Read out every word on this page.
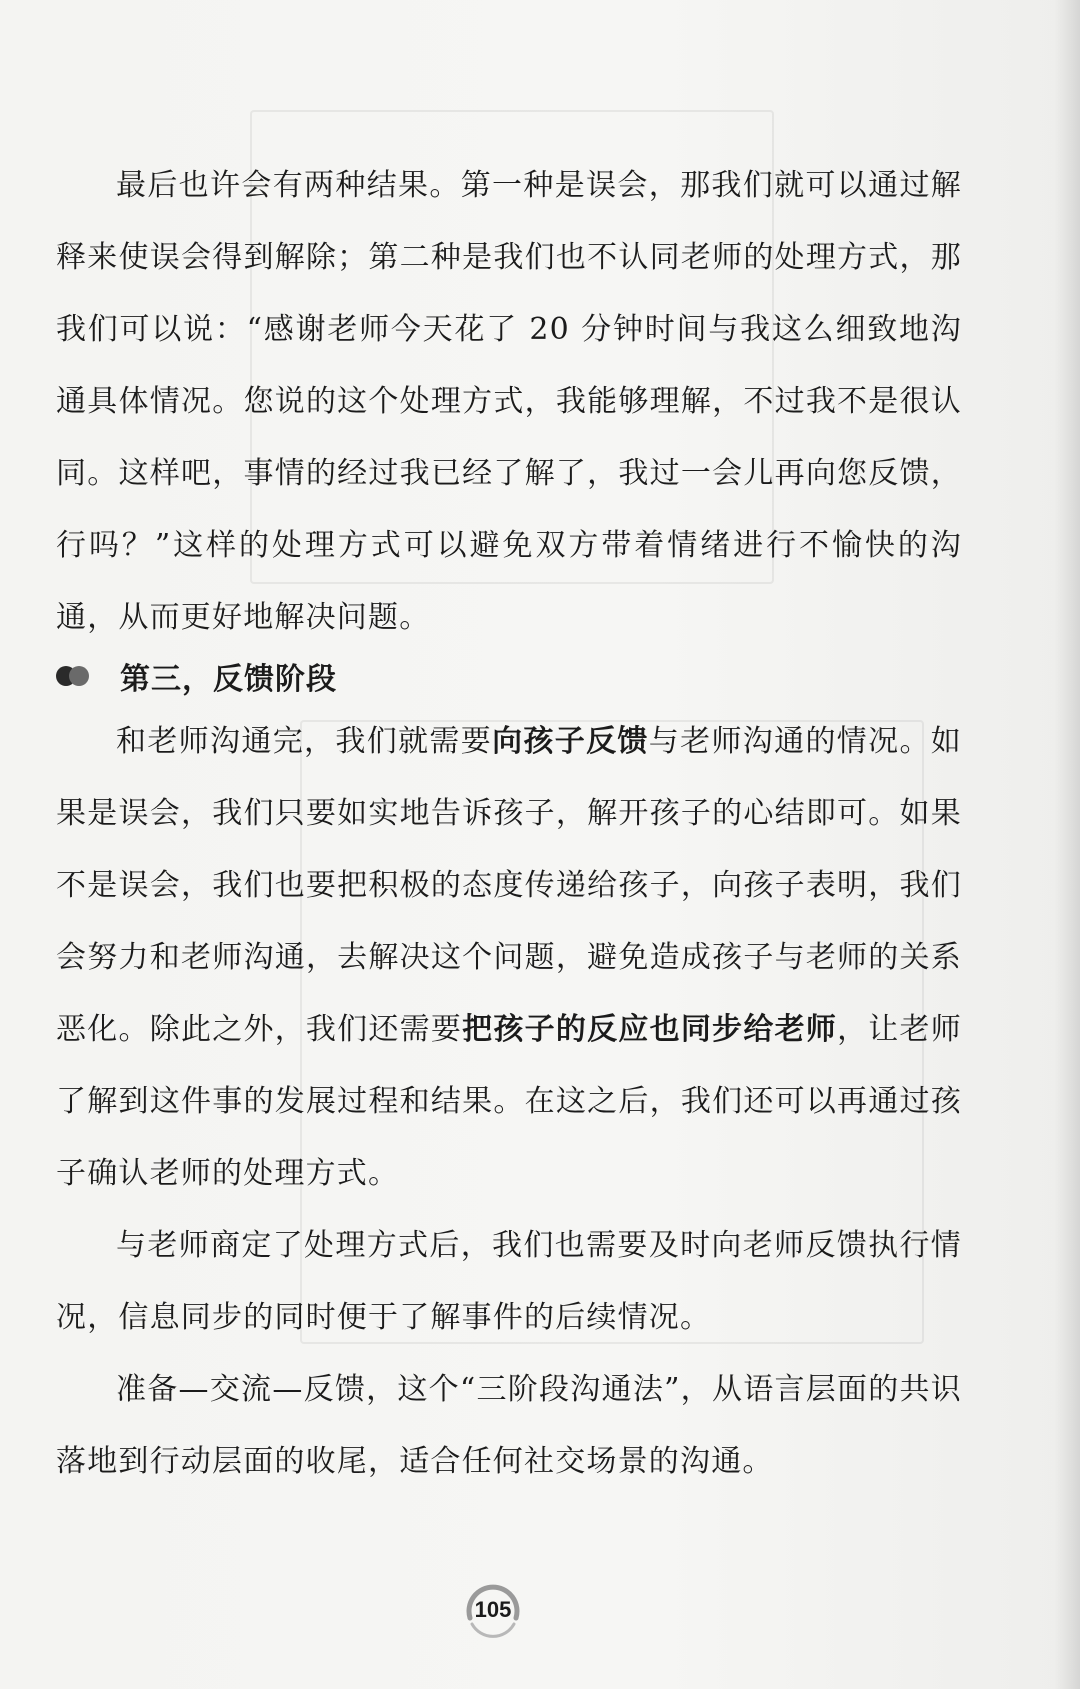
最后也许会有两种结果。第一种是误会，那我们就可以通过解释来使误会得到解除；第二种是我们也不认同老师的处理方式，那我们可以说：“感谢老师今天花了 20 分钟时间与我这么细致地沟通具体情况。您说的这个处理方式，我能够理解，不过我不是很认同。这样吧，事情的经过我已经了解了，我过一会儿再向您反馈，行吗？”这样的处理方式可以避免双方带着情绪进行不愉快的沟通，从而更好地解决问题。

第三，反馈阶段

和老师沟通完，我们就需要向孩子反馈与老师沟通的情况。如果是误会，我们只要如实地告诉孩子，解开孩子的心结即可。如果不是误会，我们也要把积极的态度传递给孩子，向孩子表明，我们会努力和老师沟通，去解决这个问题，避免造成孩子与老师的关系恶化。除此之外，我们还需要把孩子的反应也同步给老师，让老师了解到这件事的发展过程和结果。在这之后，我们还可以再通过孩子确认老师的处理方式。

与老师商定了处理方式后，我们也需要及时向老师反馈执行情况，信息同步的同时便于了解事件的后续情况。

准备—交流—反馈，这个“三阶段沟通法”，从语言层面的共识落地到行动层面的收尾，适合任何社交场景的沟通。

105
